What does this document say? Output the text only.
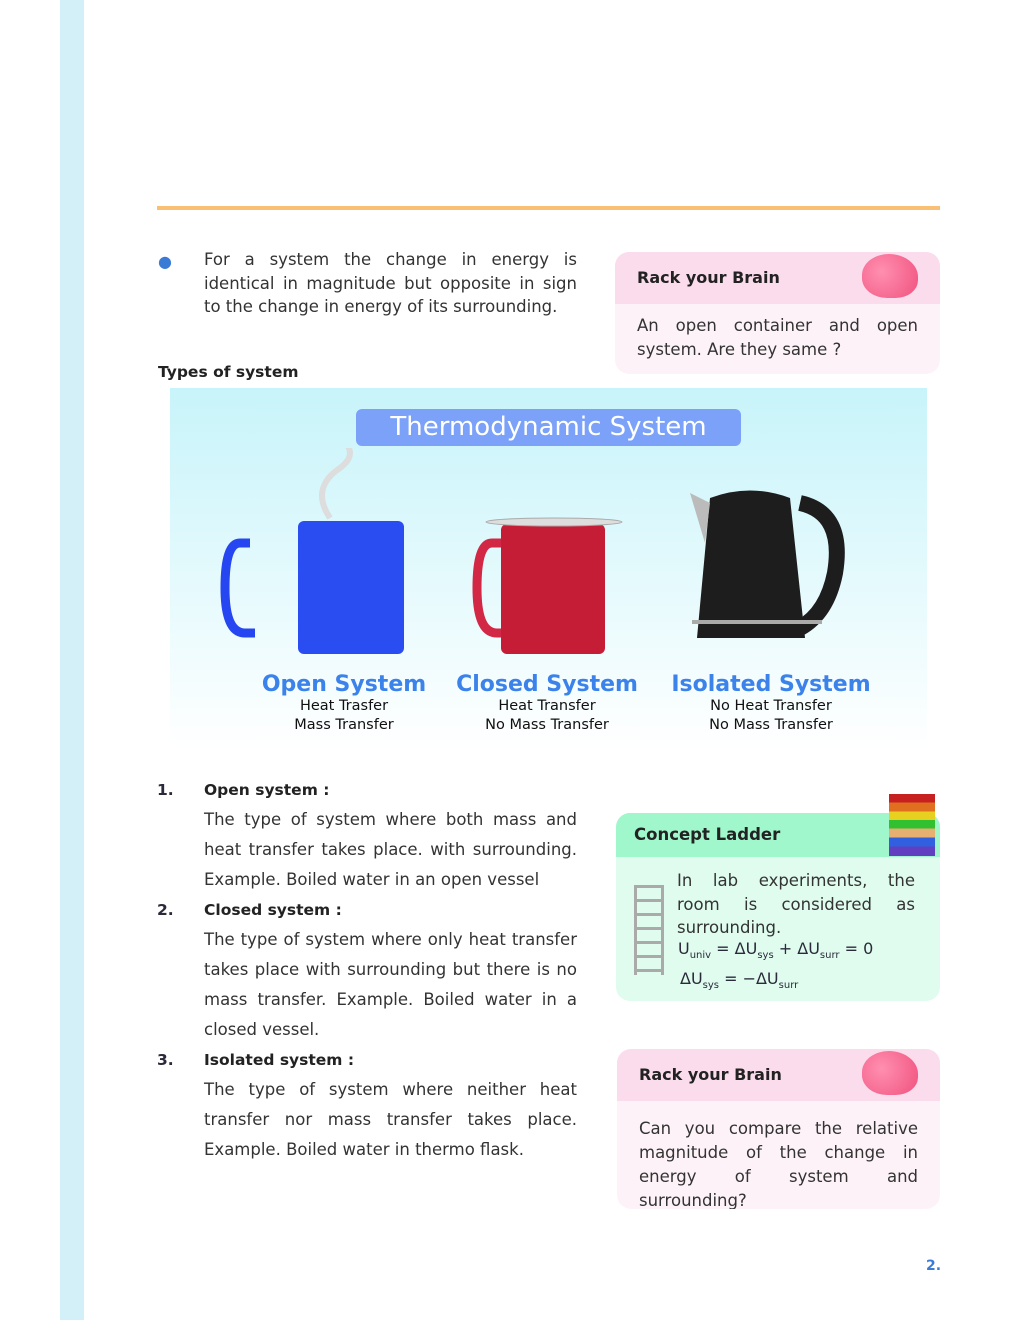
● For a system the change in energy is identical in magnitude but opposite in sign to the change in energy of its surrounding.
Rack your Brain
An open container and open system. Are they same ?
Types of system
Thermodynamic System
Open System
Heat Trasfer
Mass Transfer
Closed System
Heat Transfer
No Mass Transfer
Isolated System
No Heat Transfer
No Mass Transfer
1. Open system :
The type of system where both mass and heat transfer takes place. with surrounding. Example. Boiled water in an open vessel
2. Closed system :
The type of system where only heat transfer takes place with surrounding but there is no mass transfer. Example. Boiled water in a closed vessel.
3. Isolated system :
The type of system where neither heat transfer nor mass transfer takes place. Example. Boiled water in thermo flask.
Concept Ladder
In lab experiments, the room is considered as surrounding.
$U_{univ} = \Delta U_{sys} + \Delta U_{surr} = 0$
$\Delta U_{sys} = -\Delta U_{surr}$
Rack your Brain
Can you compare the relative magnitude of the change in energy of system and surrounding?
2.
